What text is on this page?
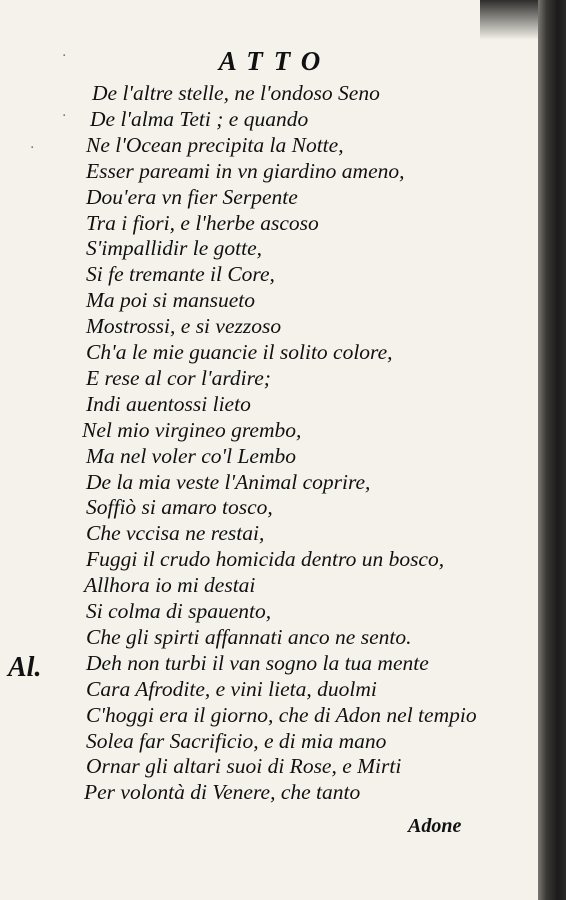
ATTO
Al.
De l'altre stelle, ne l'ondoso Seno
De l'alma Teti ; e quando
Ne l'Ocean precipita la Notte,
Esser pareami in vn giardino ameno,
Dou'era vn fier Serpente
Tra i fiori, e l'herbe ascoso
S'impallidir le gotte,
Si fe tremante il Core,
Ma poi si mansueto
Mostrossi, e si vezzoso
Ch'a le mie guancie il solito colore,
E rese al cor l'ardire;
Indi auentossi lieto
Nel mio virgineo grembo,
Ma nel voler co'l Lembo
De la mia veste l'Animal coprire,
Soffiò si amaro tosco,
Che vccisa ne restai,
Fuggi il crudo homicida dentro un bosco,
Allhora io mi destai
Si colma di spauento,
Che gli spirti affannati anco ne sento.
Deh non turbi il van sogno la tua mente
Cara Afrodite, e vini lieta, duolmi
C'hoggi era il giorno, che di Adon nel tempio
Solea far Sacrificio, e di mia mano
Ornar gli altari suoi di Rose, e Mirti
Per volontà di Venere, che tanto
Adone
·
·
·
